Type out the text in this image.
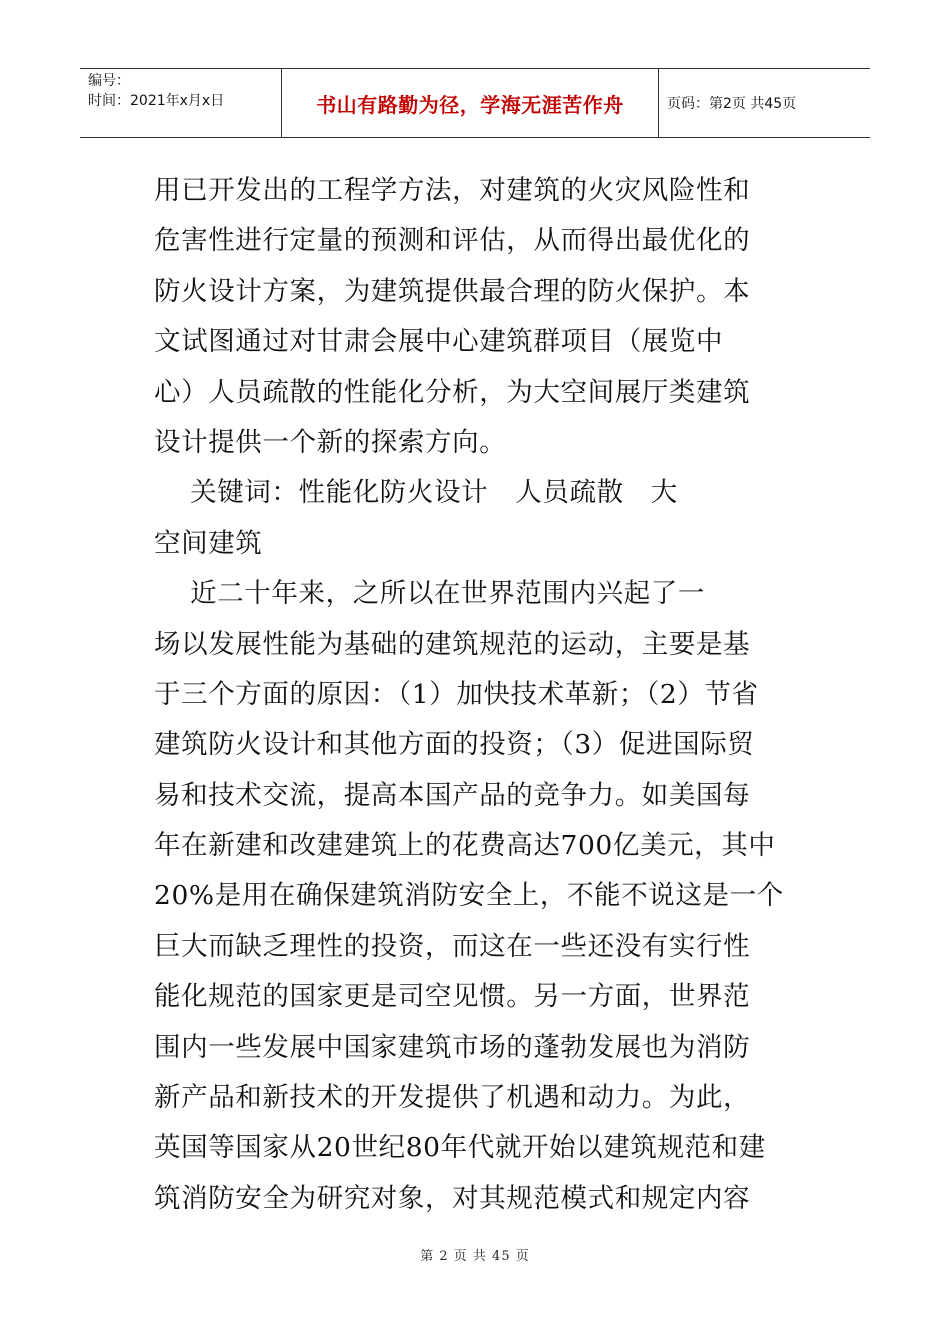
编号：
时间：2021年x月x日	书山有路勤为径，学海无涯苦作舟	页码：第2页 共45页
用已开发出的工程学方法，对建筑的火灾风险性和
危害性进行定量的预测和评估，从而得出最优化的
防火设计方案，为建筑提供最合理的防火保护。本
文试图通过对甘肃会展中心建筑群项目（展览中
心）人员疏散的性能化分析，为大空间展厅类建筑
设计提供一个新的探索方向。
关键词：性能化防火设计   人员疏散   大
空间建筑
近二十年来，之所以在世界范围内兴起了一
场以发展性能为基础的建筑规范的运动，主要是基
于三个方面的原因：（1）加快技术革新；（2）节省
建筑防火设计和其他方面的投资；（3）促进国际贸
易和技术交流，提高本国产品的竞争力。如美国每
年在新建和改建建筑上的花费高达700亿美元，其中
20%是用在确保建筑消防安全上，不能不说这是一个
巨大而缺乏理性的投资，而这在一些还没有实行性
能化规范的国家更是司空见惯。另一方面，世界范
围内一些发展中国家建筑市场的蓬勃发展也为消防
新产品和新技术的开发提供了机遇和动力。为此，
英国等国家从20世纪80年代就开始以建筑规范和建
筑消防安全为研究对象，对其规范模式和规定内容
第 2 页 共 45 页
